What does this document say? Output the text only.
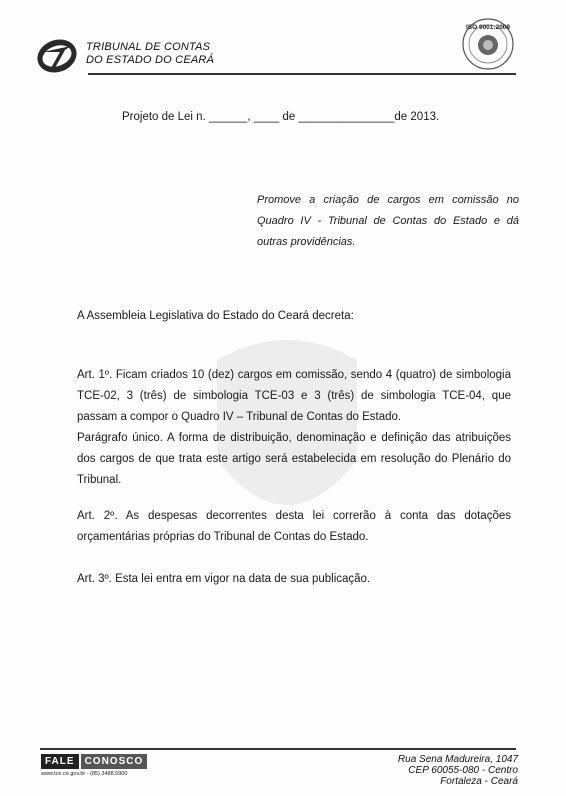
TRIBUNAL DE CONTAS
DO ESTADO DO CEARÁ
ISO 9001:2008
Projeto de Lei n. ______, ____ de _______________de 2013.
Promove a criação de cargos em comissão no Quadro IV - Tribunal de Contas do Estado e dá outras providências.
A Assembleia Legislativa do Estado do Ceará decreta:
Art. 1º. Ficam criados 10 (dez) cargos em comissão, sendo 4 (quatro) de simbologia TCE-02, 3 (três) de simbologia TCE-03 e 3 (três) de simbologia TCE-04, que passam a compor o Quadro IV – Tribunal de Contas do Estado.
Parágrafo único. A forma de distribuição, denominação e definição das atribuições dos cargos de que trata este artigo será estabelecida em resolução do Plenário do Tribunal.
Art. 2º. As despesas decorrentes desta lei correrão à conta das dotações orçamentárias próprias do Tribunal de Contas do Estado.
Art. 3º. Esta lei entra em vigor na data de sua publicação.
FALE	CONOSCO
www.tce.ce.gov.br - (85) 3488.5900
Rua Sena Madureira, 1047
CEP 60055-080 - Centro
Fortaleza - Ceará
